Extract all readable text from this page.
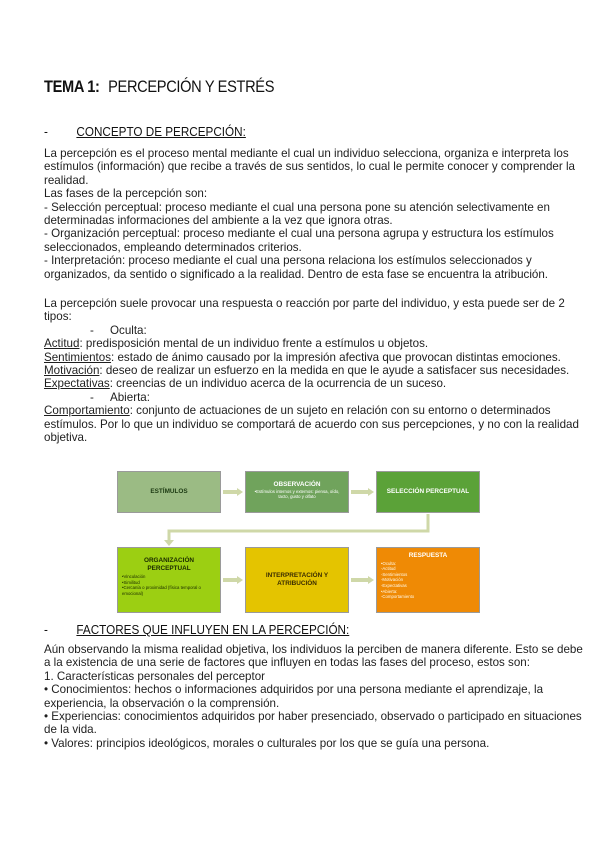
TEMA 1: PERCEPCIÓN Y ESTRÉS
- CONCEPTO DE PERCEPCIÓN:

La percepción es el proceso mental mediante el cual un individuo selecciona, organiza e interpreta los estímulos (información) que recibe a través de sus sentidos, lo cual le permite conocer y comprender la realidad.

Las fases de la percepción son:

- Selección perceptual: proceso mediante el cual una persona pone su atención selectivamente en determinadas informaciones del ambiente a la vez que ignora otras.

- Organización perceptual: proceso mediante el cual una persona agrupa y estructura los estímulos seleccionados, empleando determinados criterios.

- Interpretación: proceso mediante el cual una persona relaciona los estímulos seleccionados y organizados, da sentido o significado a la realidad. Dentro de esta fase se encuentra la atribución.

La percepción suele provocar una respuesta o reacción por parte del individuo, y esta puede ser de 2 tipos:

- Oculta:

Actitud: predisposición mental de un individuo frente a estímulos u objetos.

Sentimientos: estado de ánimo causado por la impresión afectiva que provocan distintas emociones.

Motivación: deseo de realizar un esfuerzo en la medida en que le ayude a satisfacer sus necesidades.

Expectativas: creencias de un individuo acerca de la ocurrencia de un suceso.

- Abierta:

Comportamiento: conjunto de actuaciones de un sujeto en relación con su entorno o determinados estímulos. Por lo que un individuo se comportará de acuerdo con sus percepciones, y no con la realidad objetiva.

ESTÍMULOS
OBSERVACIÓN
•Estímulos internos y externos: piensa, oído, tacto, gusto y olfato
SELECCIÓN PERCEPTUAL
ORGANIZACIÓN PERCEPTUAL
•Vinculación
•Similitud
•Cercanía o proximidad (física temporal o emocional)
INTERPRETACIÓN Y ATRIBUCIÓN
RESPUESTA
•Oculta:
-Actitud
-Sentimientos
-Motivación
-Expectativas
•Abierta:
-Comportamiento
- FACTORES QUE INFLUYEN EN LA PERCEPCIÓN:

Aún observando la misma realidad objetiva, los individuos la perciben de manera diferente. Esto se debe a la existencia de una serie de factores que influyen en todas las fases del proceso, estos son:

1. Características personales del perceptor

• Conocimientos: hechos o informaciones adquiridos por una persona mediante el aprendizaje, la experiencia, la observación o la comprensión.

• Experiencias: conocimientos adquiridos por haber presenciado, observado o participado en situaciones de la vida.

• Valores: principios ideológicos, morales o culturales por los que se guía una persona.
